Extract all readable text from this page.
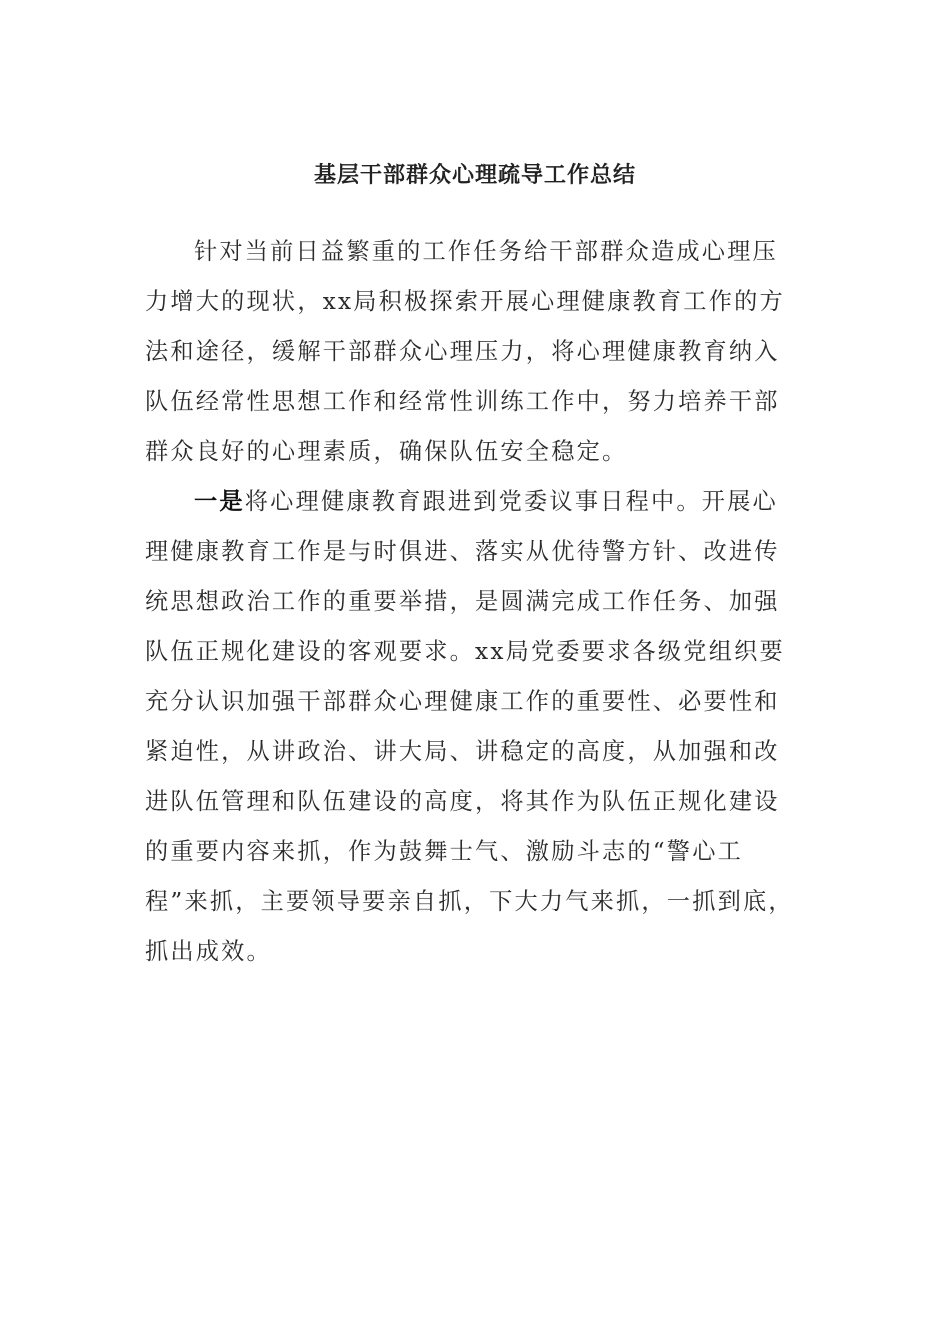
基层干部群众心理疏导工作总结
针对当前日益繁重的工作任务给干部群众造成心理压
力增大的现状，xx局积极探索开展心理健康教育工作的方
法和途径，缓解干部群众心理压力，将心理健康教育纳入
队伍经常性思想工作和经常性训练工作中，努力培养干部
群众良好的心理素质，确保队伍安全稳定。
一是将心理健康教育跟进到党委议事日程中。开展心
理健康教育工作是与时俱进、落实从优待警方针、改进传
统思想政治工作的重要举措，是圆满完成工作任务、加强
队伍正规化建设的客观要求。xx局党委要求各级党组织要
充分认识加强干部群众心理健康工作的重要性、必要性和
紧迫性，从讲政治、讲大局、讲稳定的高度，从加强和改
进队伍管理和队伍建设的高度，将其作为队伍正规化建设
的重要内容来抓，作为鼓舞士气、激励斗志的“警心工
程”来抓，主要领导要亲自抓，下大力气来抓，一抓到底，
抓出成效。
